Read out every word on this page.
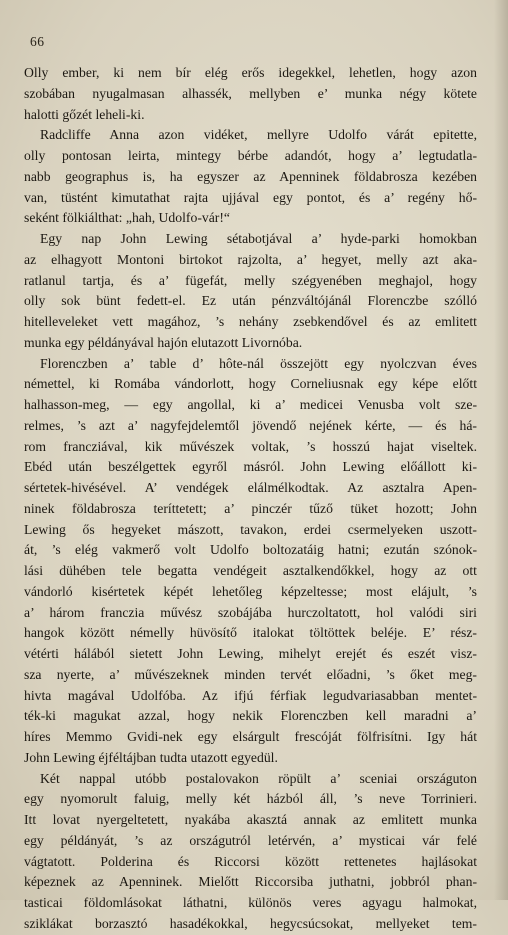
66
Olly ember, ki nem bír elég erős idegekkel, lehetlen, hogy azon
szobában nyugalmasan alhassék, mellyben e’ munka négy kötete
halotti gőzét leheli-ki.
Radcliffe Anna azon vidéket, mellyre Udolfo várát epitette,
olly pontosan leirta, mintegy bérbe adandót, hogy a’ legtudatla-
nabb geographus is, ha egyszer az Apenninek földabrosza kezében
van, tüstént kimutathat rajta ujjával egy pontot, és a’ regény hő-
seként fölkiálthat: „hah, Udolfo-vár!“
Egy nap John Lewing sétabotjával a’ hyde-parki homokban
az elhagyott Montoni birtokot rajzolta, a’ hegyet, melly azt aka-
ratlanul tartja, és a’ fügefát, melly szégyenében meghajol, hogy
olly sok bünt fedett-el. Ez után pénzváltójánál Florenczbe szólló
hitelleveleket vett magához, ’s nehány zsebkendővel és az emlitett
munka egy példányával hajón elutazott Livornóba.
Florenczben a’ table d’ hôte-nál összejött egy nyolczvan éves
némettel, ki Romába vándorlott, hogy Corneliusnak egy képe előtt
halhasson-meg, — egy angollal, ki a’ medicei Venusba volt sze-
relmes, ’s azt a’ nagyfejdelemtől jövendő nejének kérte, — és há-
rom francziával, kik művészek voltak, ’s hosszú hajat viseltek.
Ebéd után beszélgettek egyről másról. John Lewing előállott ki-
sértetek-hivésével. A’ vendégek elálmélkodtak. Az asztalra Apen-
ninek földabrosza teríttetett; a’ pinczér tűző tüket hozott; John
Lewing ős hegyeket mászott, tavakon, erdei csermelyeken uszott-
át, ’s elég vakmerő volt Udolfo boltozatáig hatni; ezután szónok-
lási dühében tele begatta vendégeit asztalkendőkkel, hogy az ott
vándorló kisértetek képét lehetőleg képzeltesse; most elájult, ’s
a’ három franczia művész szobájába hurczoltatott, hol valódi siri
hangok között némelly hüvösítő italokat töltöttek beléje. E’ rész-
vétérti hálából sietett John Lewing, mihelyt erejét és eszét visz-
sza nyerte, a’ művészeknek minden tervét előadni, ’s őket meg-
hivta magával Udolfóba. Az ifjú férfiak legudvariasabban mentet-
ték-ki magukat azzal, hogy nekik Florenczben kell maradni a’
híres Memmo Gvidi-nek egy elsárgult frescóját fölfrisítni. Igy hát
John Lewing éjféltájban tudta utazott egyedül.
Két nappal utóbb postalovakon röpült a’ sceniai országuton
egy nyomorult faluig, melly két házból áll, ’s neve Torrinieri.
Itt lovat nyergeltetett, nyakába akasztá annak az emlitett munka
egy példányát, ’s az országutról letérvén, a’ mysticai vár felé
vágtatott. Polderina és Riccorsi között rettenetes hajlásokat
képeznek az Apenninek. Mielőtt Riccorsiba juthatni, jobbról phan-
tasticai földomlásokat láthatni, különös veres agyagu halmokat,
sziklákat borzasztó hasadékokkal, hegycsúcsokat, mellyeket tem-
